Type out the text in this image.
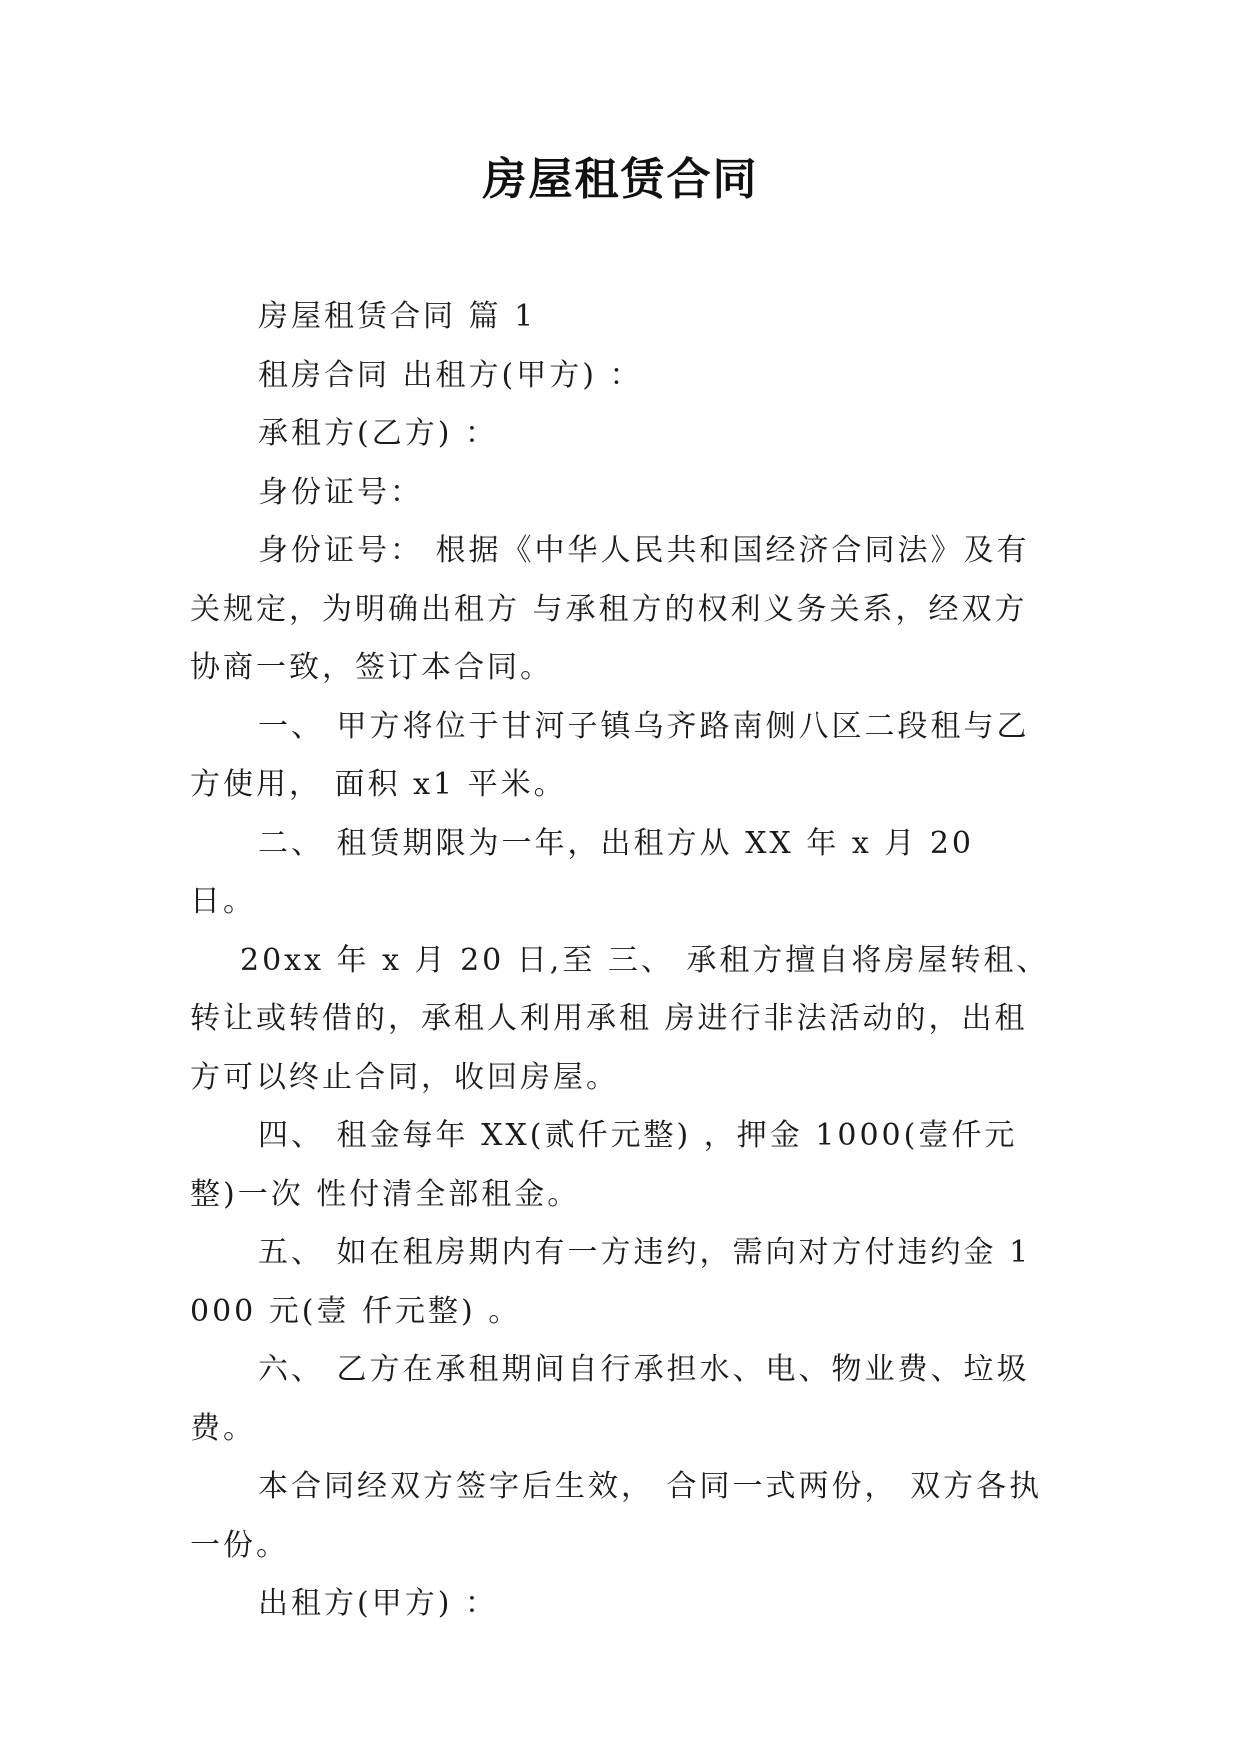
房屋租赁合同

房屋租赁合同 篇 1

租房合同 出租方(甲方) ：

承租方(乙方) ：

身份证号：

身份证号： 根据《中华人民共和国经济合同法》及有关规定，为明确出租方 与承租方的权利义务关系，经双方协商一致，签订本合同。

一、 甲方将位于甘河子镇乌齐路南侧八区二段租与乙方使用， 面积 x1 平米。

二、 租赁期限为一年，出租方从 XX 年 x 月 20 日。

20xx 年 x 月 20 日,至 三、 承租方擅自将房屋转租、转让或转借的，承租人利用承租 房进行非法活动的，出租方可以终止合同，收回房屋。

四、 租金每年 XX(贰仟元整) ，押金 1000(壹仟元整)一次 性付清全部租金。

五、 如在租房期内有一方违约，需向对方付违约金 1000 元(壹 仟元整) 。

六、 乙方在承租期间自行承担水、电、物业费、垃圾费。

本合同经双方签字后生效， 合同一式两份， 双方各执一份。

出租方(甲方) ：
